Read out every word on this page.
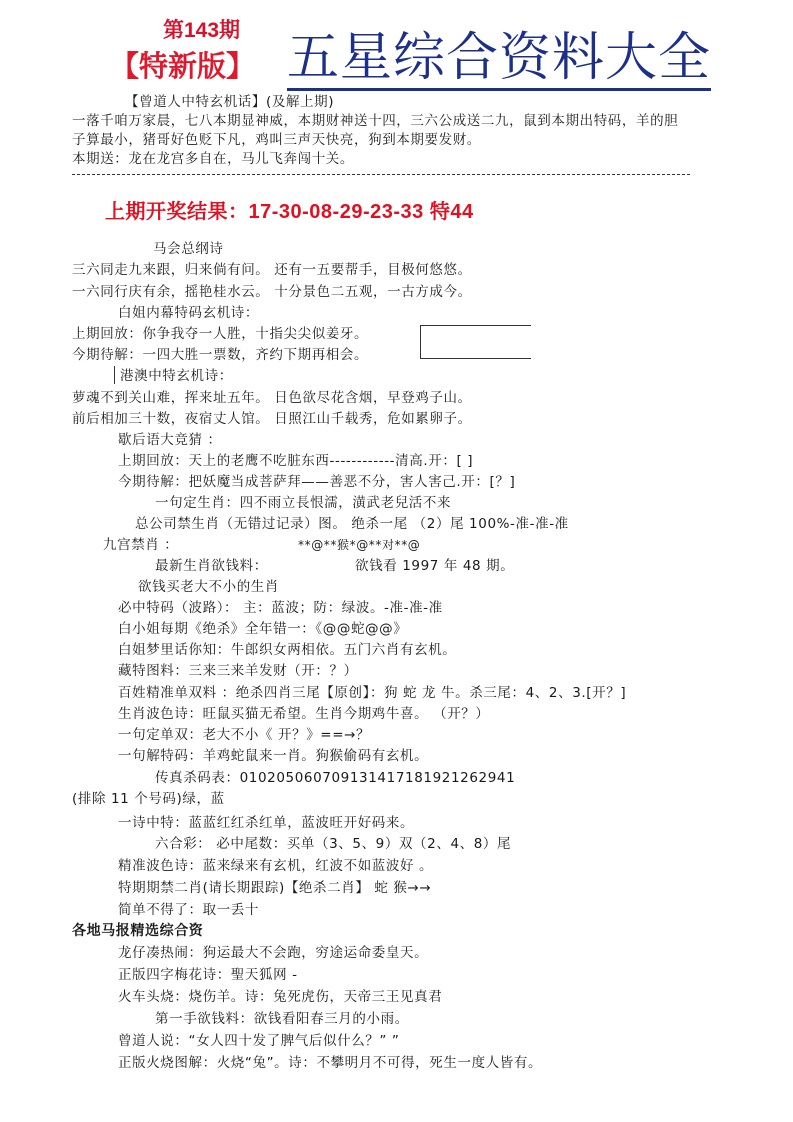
第143期
【特新版】 五星综合资料大全
【曾道人中特玄机话】(及解上期)
一落千咱万家晨，七八本期显神威，本期财神送十四，三六公成送二九，鼠到本期出特码，羊的胆
子算最小，猪哥好色贬下凡，鸡叫三声天快亮，狗到本期要发财。
本期送：龙在龙宫多自在，马儿飞奔闯十关。
上期开奖结果：17-30-08-29-23-33 特44
马会总纲诗
三六同走九来跟，归来倘有问。 还有一五要帮手，目极何悠悠。
一六同行庆有余，摇艳桂水云。 十分景色二五观，一古方成今。
白姐内幕特码玄机诗：
上期回放：你争我夺一人胜，十指尖尖似姜牙。
今期待解：一四大胜一票数，齐约下期再相会。
港澳中特玄机诗：
萝魂不到关山难，挥来址五年。 日色欲尽花含烟，早登鸡子山。
前后相加三十数，夜宿丈人馆。 日照江山千载秀，危如累卵子。
歇后语大竞猜 ：
上期回放：天上的老鹰不吃脏东西------------清高.开：[ ]
今期待解：把妖魔当成菩萨拜——善恶不分，害人害己.开：[？]
一句定生肖：四不雨立長恨濡，潢武老兒活不来
总公司禁生肖（无错过记录）图。 绝杀一尾 （2）尾 100%-准-准-准
九宫禁肖 ：	**@**猴*@**对**@
最新生肖欲钱料：	欲钱看 1997 年 48 期。
欲钱买老大不小的生肖
必中特码（波路）： 主：蓝波；防：绿波。-准-准-准
白小姐每期《绝杀》全年错一：《@@蛇@@》
白姐梦里话你知：牛郎织女两相依。五门六肖有玄机。
藏特图料：三来三来羊发财（开：？）
百姓精准单双料 ：绝杀四肖三尾【原创】：狗 蛇 龙 牛。杀三尾：4、2、3.[开？]
生肖波色诗：旺鼠买猫无希望。生肖今期鸡牛喜。 （开？）
一句定单双：老大不小《 开？》==→？
一句解特码：羊鸡蛇鼠来一肖。狗猴偷码有玄机。
传真杀码表：01020506070913141718192126294​1
(排除 11 个号码)绿，蓝
一诗中特：蓝蓝红红杀红单，蓝波旺开好码来。
六合彩： 必中尾数：买单（3、5、9）双（2、4、8）尾
精准波色诗：蓝来绿来有玄机，红波不如蓝波好 。
特期期禁二肖(请长期跟踪)【绝杀二肖】 蛇 猴→→
简单不得了：取一丢十
各地马报精选综合资
龙仔凑热闹：狗运最大不会跑，穷途运命委皇天。
正版四字梅花诗：聖天狐网 -
火车头烧：烧伤羊。诗：兔死虎伤，天帝三王见真君
第一手欲钱料：欲钱看阳春三月的小雨。
曾道人说：“女人四十发了脾气后似什么？” ”
正版火烧图解：火烧“兔”。诗：不攀明月不可得，死生一度人皆有。
